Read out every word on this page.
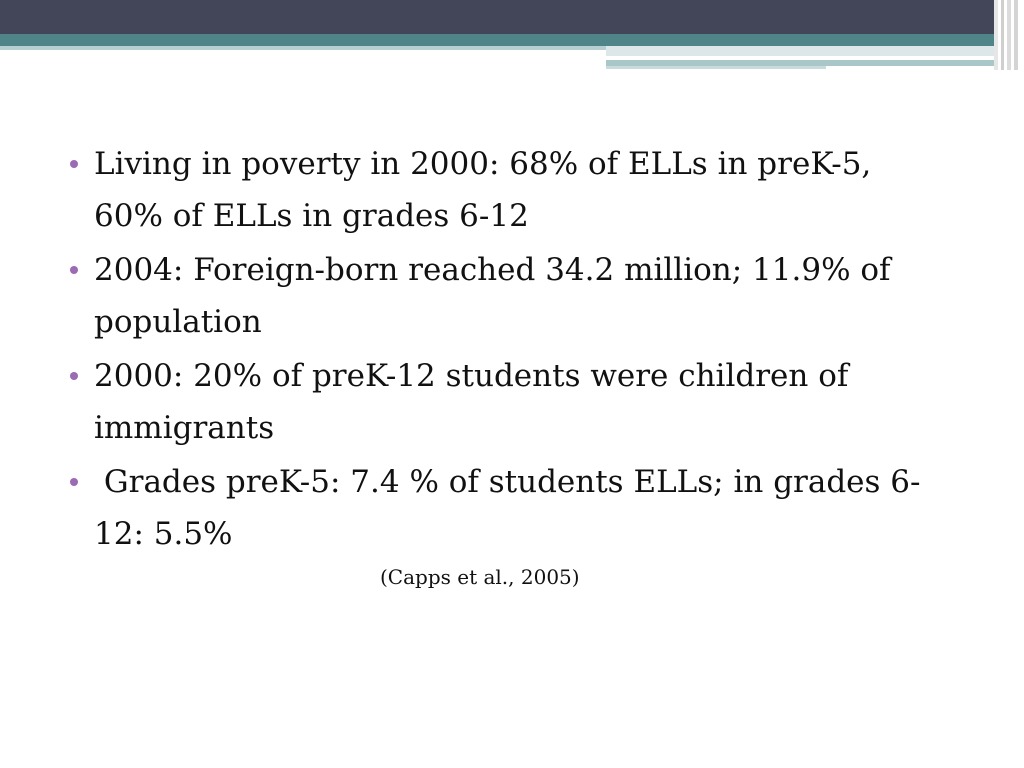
Living in poverty in 2000: 68% of ELLs in preK-5, 60% of ELLs in grades 6-12
2004: Foreign-born reached 34.2 million; 11.9% of population
2000: 20% of preK-12 students were children of immigrants
Grades preK-5: 7.4 % of students ELLs; in grades 6-12: 5.5%
(Capps et al., 2005)
